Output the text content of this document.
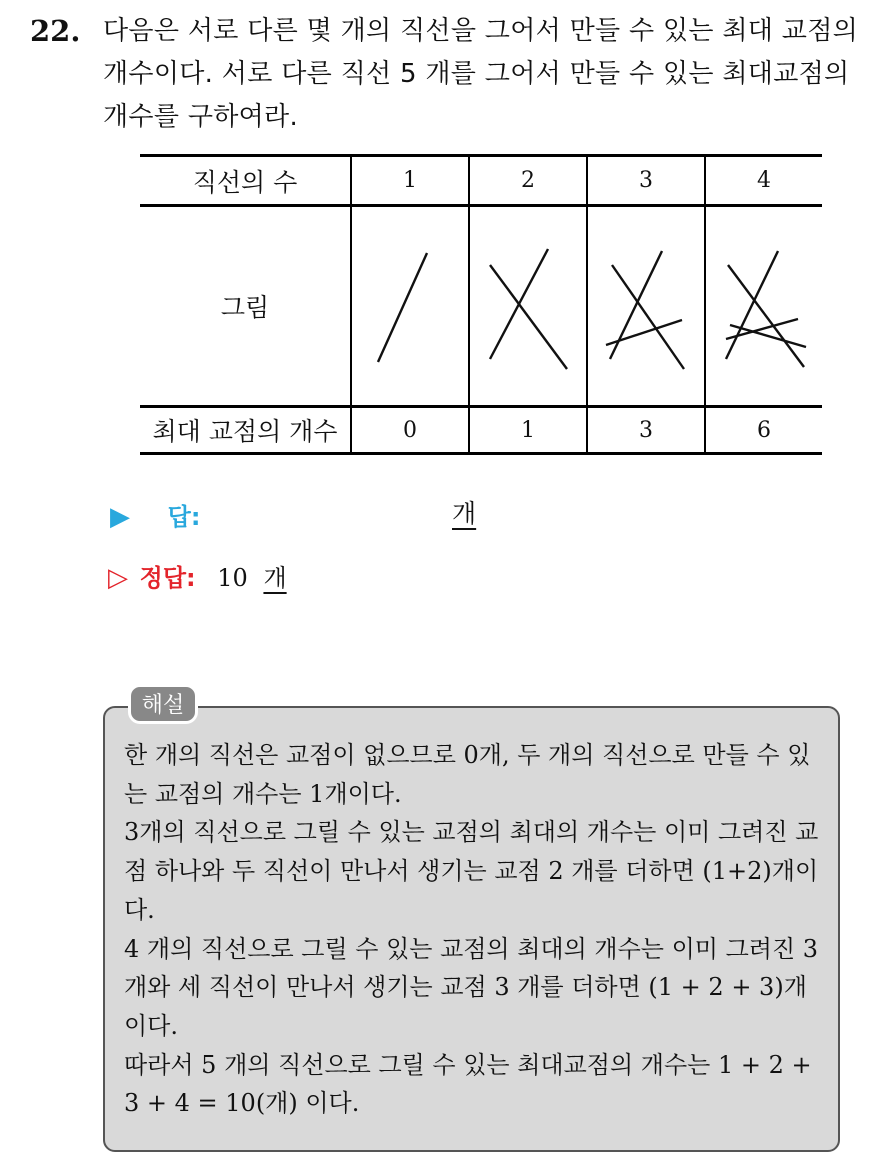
22. 다음은 서로 다른 몇 개의 직선을 그어서 만들 수 있는 최대 교점의 개수이다. 서로 다른 직선 5 개를 그어서 만들 수 있는 최대교점의 개수를 구하여라.
직선의 수	1	2	3	4
그림				
최대 교점의 개수	0	1	3	6
▶ 답:	개
▷ 정답: 10 개
해설

한 개의 직선은 교점이 없으므로 0개, 두 개의 직선으로 만들 수 있는 교점의 개수는 1개이다.

3개의 직선으로 그릴 수 있는 교점의 최대의 개수는 이미 그려진 교점 하나와 두 직선이 만나서 생기는 교점 2 개를 더하면 (1+2)개이다.

4 개의 직선으로 그릴 수 있는 교점의 최대의 개수는 이미 그려진 3 개와 세 직선이 만나서 생기는 교점 3 개를 더하면 (1 + 2 + 3)개이다.

따라서 5 개의 직선으로 그릴 수 있는 최대교점의 개수는 1 + 2 + 3 + 4 = 10(개) 이다.
